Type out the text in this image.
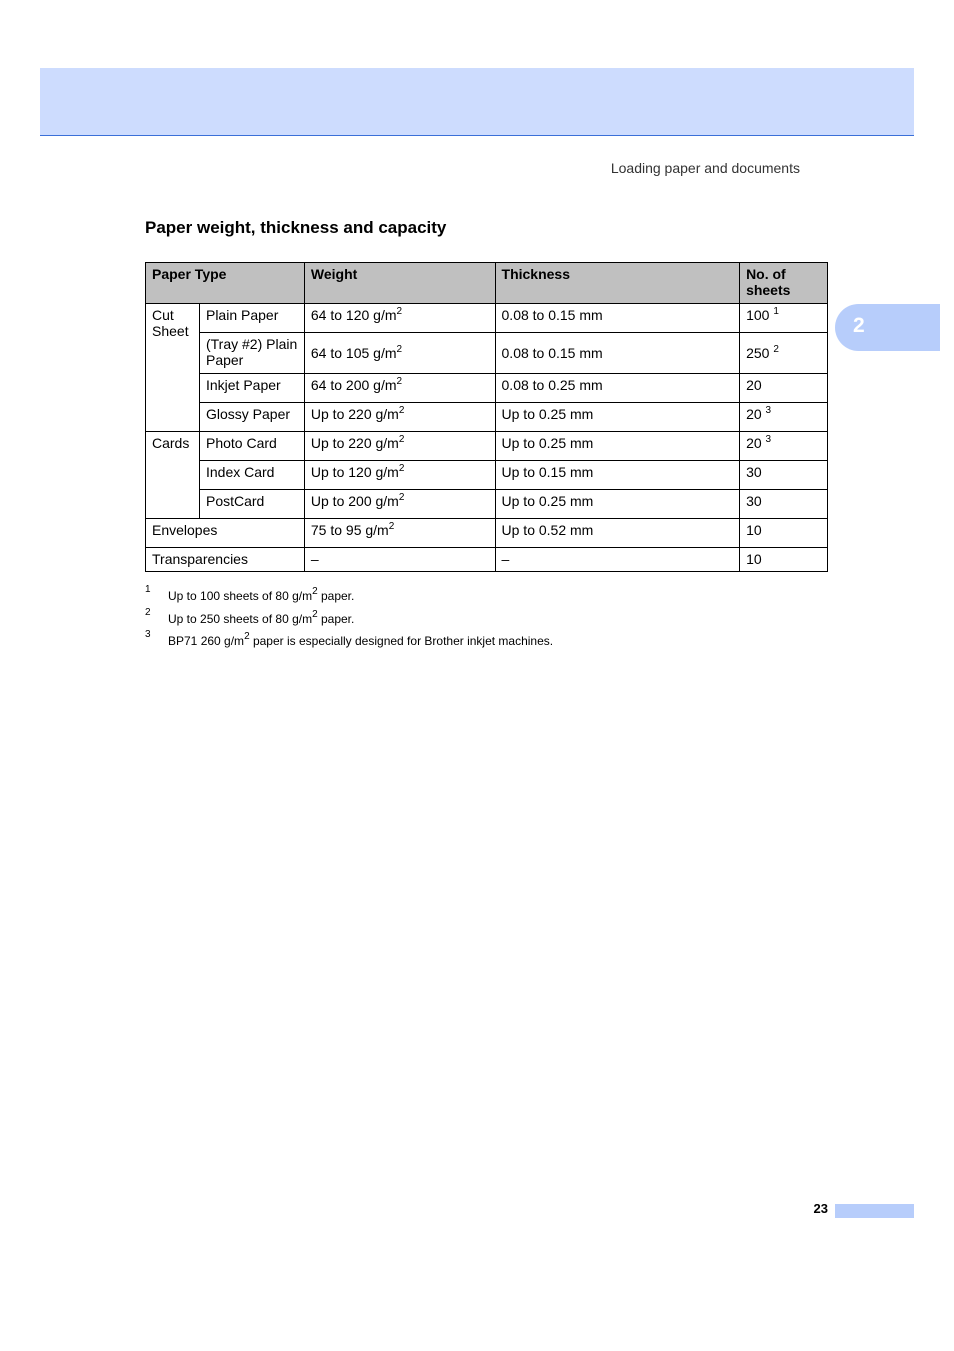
Loading paper and documents
2
Paper weight, thickness and capacity
Paper Type		Weight	Thickness	No. of sheets
Cut Sheet	Plain Paper	64 to 120 $g/m^2$	0.08 to 0.15 mm	100 $^1$
	(Tray #2) Plain Paper	64 to 105 $g/m^2$	0.08 to 0.15 mm	250 $^2$
	Inkjet Paper	64 to 200 $g/m^2$	0.08 to 0.25 mm	20
	Glossy Paper	Up to 220 $g/m^2$	Up to 0.25 mm	20 $^3$
Cards	Photo Card	Up to 220 $g/m^2$	Up to 0.25 mm	20 $^3$
	Index Card	Up to 120 $g/m^2$	Up to 0.15 mm	30
	PostCard	Up to 200 $g/m^2$	Up to 0.25 mm	30
Envelopes		75 to 95 $g/m^2$	Up to 0.52 mm	10
Transparencies		–	–	10
1 Up to 100 sheets of 80 $g/m^2$ paper.
2 Up to 250 sheets of 80 $g/m^2$ paper.
3 BP71 260 $g/m^2$ paper is especially designed for Brother inkjet machines.
23
